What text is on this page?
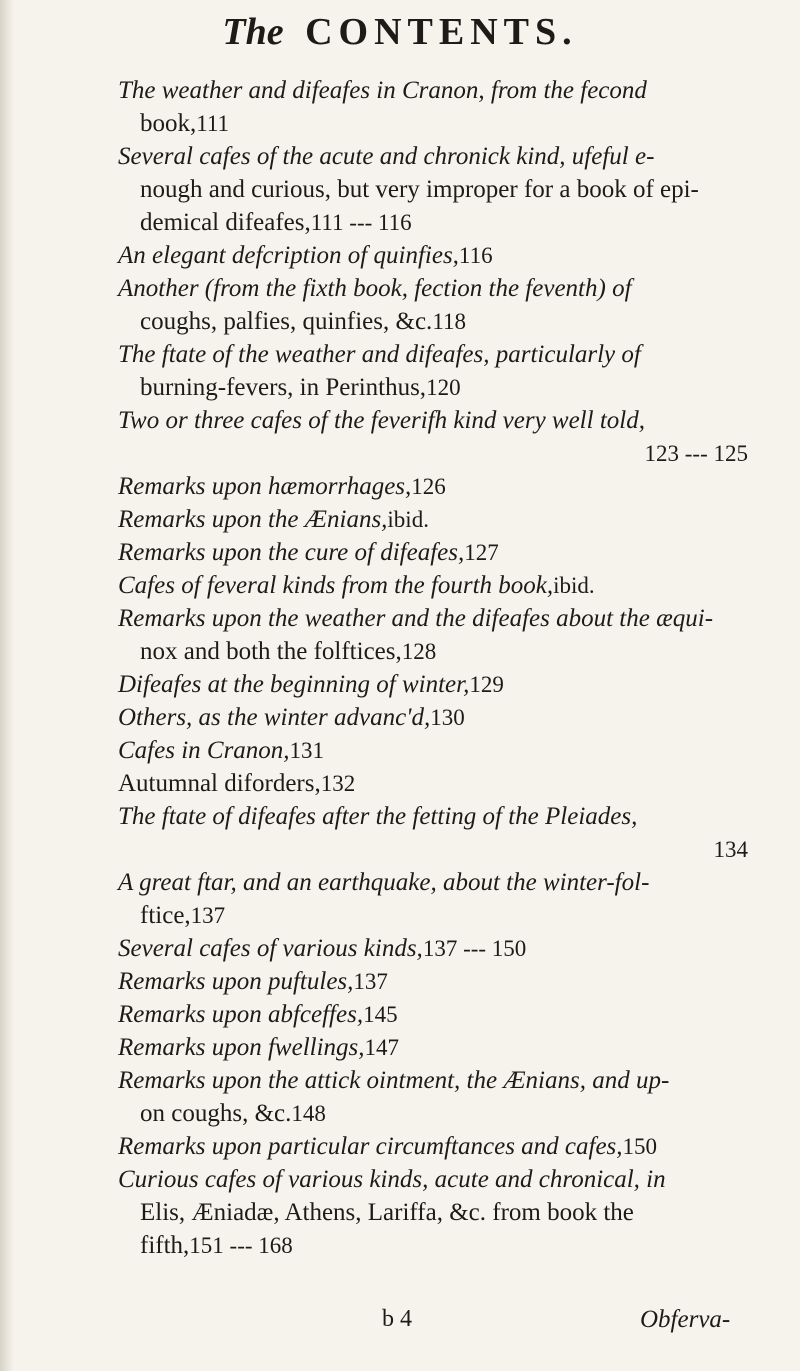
The CONTENTS.
The weather and difeafes in Cranon, from the fecond
book,111
Several cafes of the acute and chronick kind, ufeful e-
nough and curious, but very improper for a book of epi-
demical difeafes,111 --- 116
An elegant defcription of quinfies,116
Another (from the fixth book, fection the feventh) of
coughs, palfies, quinfies, &c.118
The ftate of the weather and difeafes, particularly of
burning-fevers, in Perinthus,120
Two or three cafes of the feverifh kind very well told,
123 --- 125
Remarks upon hæmorrhages,126
Remarks upon the Ænians,ibid.
Remarks upon the cure of difeafes,127
Cafes of feveral kinds from the fourth book,ibid.
Remarks upon the weather and the difeafes about the æqui-
nox and both the folftices,128
Difeafes at the beginning of winter,129
Others, as the winter advanc'd,130
Cafes in Cranon,131
Autumnal diforders,132
The ftate of difeafes after the fetting of the Pleiades,
134
A great ftar, and an earthquake, about the winter-fol-
ftice,137
Several cafes of various kinds,137 --- 150
Remarks upon puftules,137
Remarks upon abfceffes,145
Remarks upon fwellings,147
Remarks upon the attick ointment, the Ænians, and up-
on coughs, &c.148
Remarks upon particular circumftances and cafes,150
Curious cafes of various kinds, acute and chronical, in
Elis, Æniadæ, Athens, Lariffa, &c. from book the
fifth,151 --- 168
b 4	Obferva-
